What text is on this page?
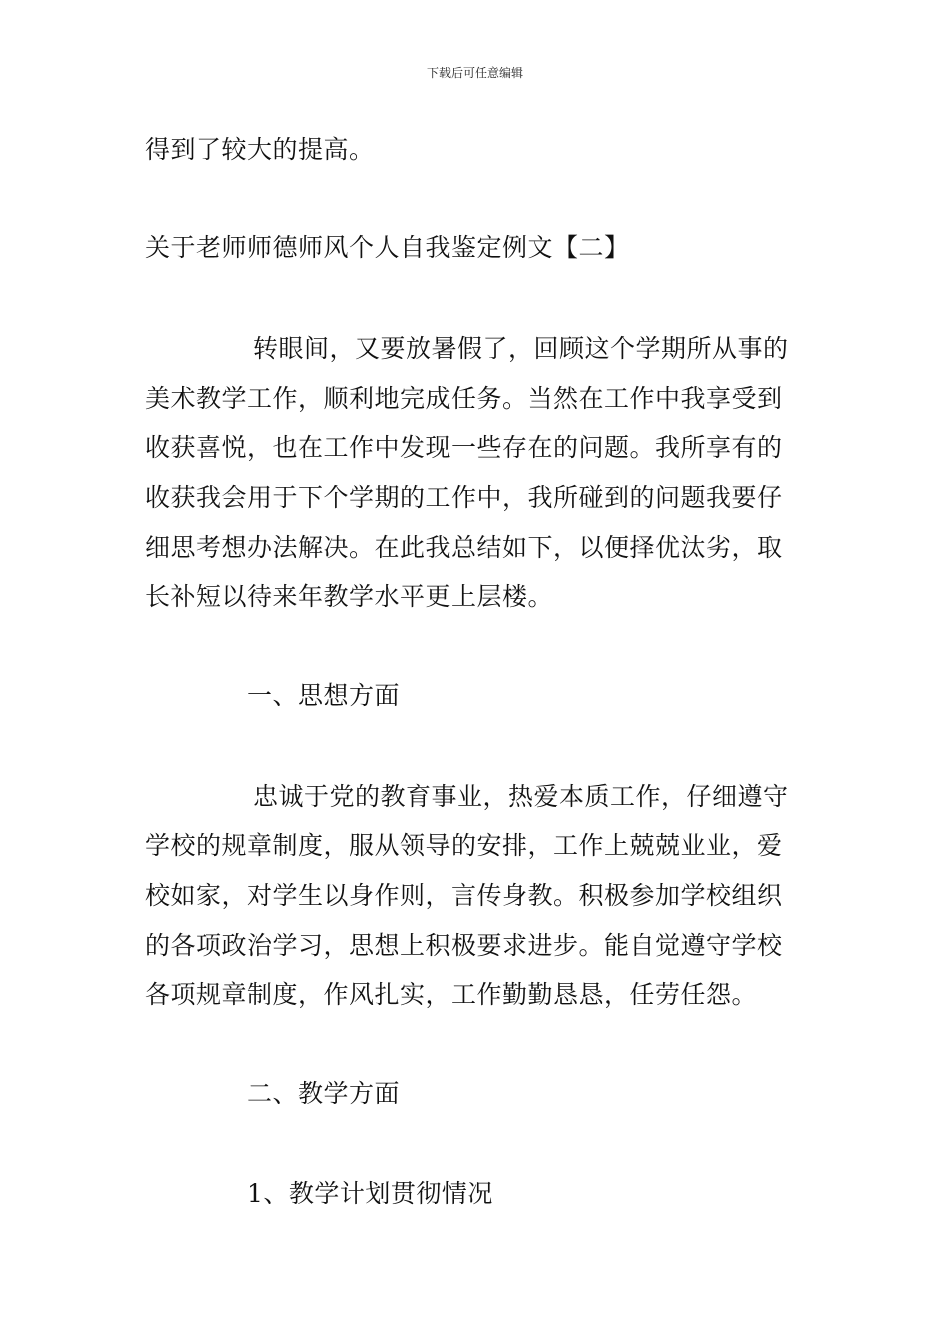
下载后可任意编辑
得到了较大的提高。
关于老师师德师风个人自我鉴定例文【二】
转眼间，又要放暑假了，回顾这个学期所从事的
美术教学工作，顺利地完成任务。当然在工作中我享受到
收获喜悦，也在工作中发现一些存在的问题。我所享有的
收获我会用于下个学期的工作中，我所碰到的问题我要仔
细思考想办法解决。在此我总结如下，以便择优汰劣，取
长补短以待来年教学水平更上层楼。
一、思想方面
忠诚于党的教育事业，热爱本质工作，仔细遵守
学校的规章制度，服从领导的安排，工作上兢兢业业，爱
校如家，对学生以身作则，言传身教。积极参加学校组织
的各项政治学习，思想上积极要求进步。能自觉遵守学校
各项规章制度，作风扎实，工作勤勤恳恳，任劳任怨。
二、教学方面
1、教学计划贯彻情况
